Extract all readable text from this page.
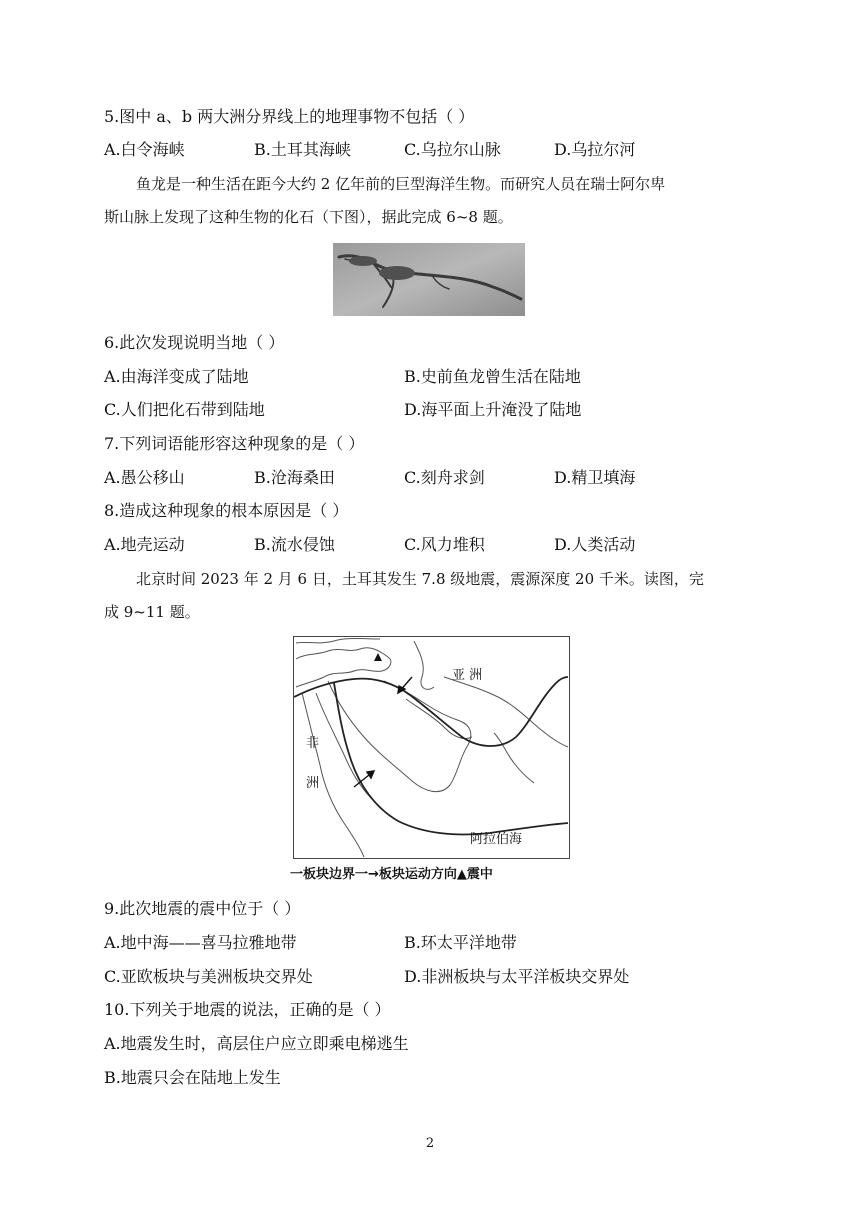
5.图中 a、b 两大洲分界线上的地理事物不包括（ ）
A.白令海峡	B.土耳其海峡	C.乌拉尔山脉	D.乌拉尔河
鱼龙是一种生活在距今大约 2 亿年前的巨型海洋生物。而研究人员在瑞士阿尔卑
斯山脉上发现了这种生物的化石（下图），据此完成 6~8 题。
6.此次发现说明当地（ ）
A.由海洋变成了陆地	B.史前鱼龙曾生活在陆地
C.人们把化石带到陆地	D.海平面上升淹没了陆地
7.下列词语能形容这种现象的是（ ）
A.愚公移山	B.沧海桑田	C.刻舟求剑	D.精卫填海
8.造成这种现象的根本原因是（ ）
A.地壳运动	B.流水侵蚀	C.风力堆积	D.人类活动
北京时间 2023 年 2 月 6 日，土耳其发生 7.8 级地震，震源深度 20 千米。读图，完
成 9~11 题。
亚 洲
非
洲
阿拉伯海
一板块边界一→板块运动方向▲震中
9.此次地震的震中位于（ ）
A.地中海——喜马拉雅地带	B.环太平洋地带
C.亚欧板块与美洲板块交界处	D.非洲板块与太平洋板块交界处
10.下列关于地震的说法，正确的是（ ）
A.地震发生时，高层住户应立即乘电梯逃生
B.地震只会在陆地上发生
2
